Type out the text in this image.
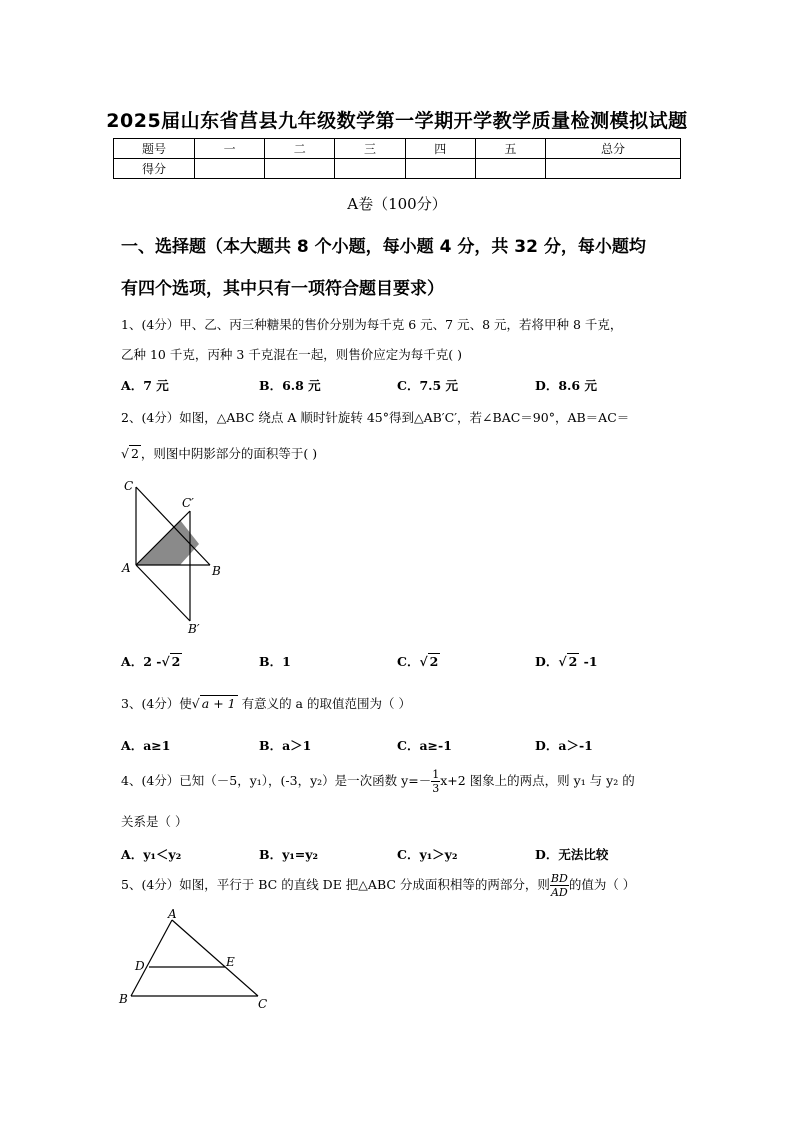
2025届山东省莒县九年级数学第一学期开学教学质量检测模拟试题
题号	一	二	三	四	五	总分
得分						
A卷（100分）
一、选择题（本大题共 8 个小题，每小题 4 分，共 32 分，每小题均
有四个选项，其中只有一项符合题目要求）
1、(4分）甲、乙、丙三种糖果的售价分别为每千克 6 元、7 元、8 元，若将甲种 8 千克，
乙种 10 千克，丙种 3 千克混在一起，则售价应定为每千克( )
A．7 元	B．6.8 元	C．7.5 元	D．8.6 元
2、(4分）如图，△ABC 绕点 A 顺时针旋转 45°得到△AB′C′，若∠BAC＝90°，AB＝AC＝
√ 2 ，则图中阴影部分的面积等于( )
C
C′
A	B
B′
A．2 -√ 2	B．1	C．√ 2	D．√ 2 -1
3、(4分）使√ a + 1 有意义的 a 的取值范围为（ ）
A．a≥1	B．a＞1	C．a≥-1	D．a＞-1
4、(4分）已知（－5，y₁），(-3，y₂）是一次函数 $y=- \frac{1}{3} x+2$ 图象上的两点，则 y₁ 与 y₂ 的
关系是（ ）
A．y₁＜y₂	B．y₁=y₂	C．y₁＞y₂	D．无法比较
5、(4分）如图，平行于 BC 的直线 DE 把△ABC 分成面积相等的两部分，则 $\frac{BD}{AD}$ 的值为（ ）
A
D	E
B	C
